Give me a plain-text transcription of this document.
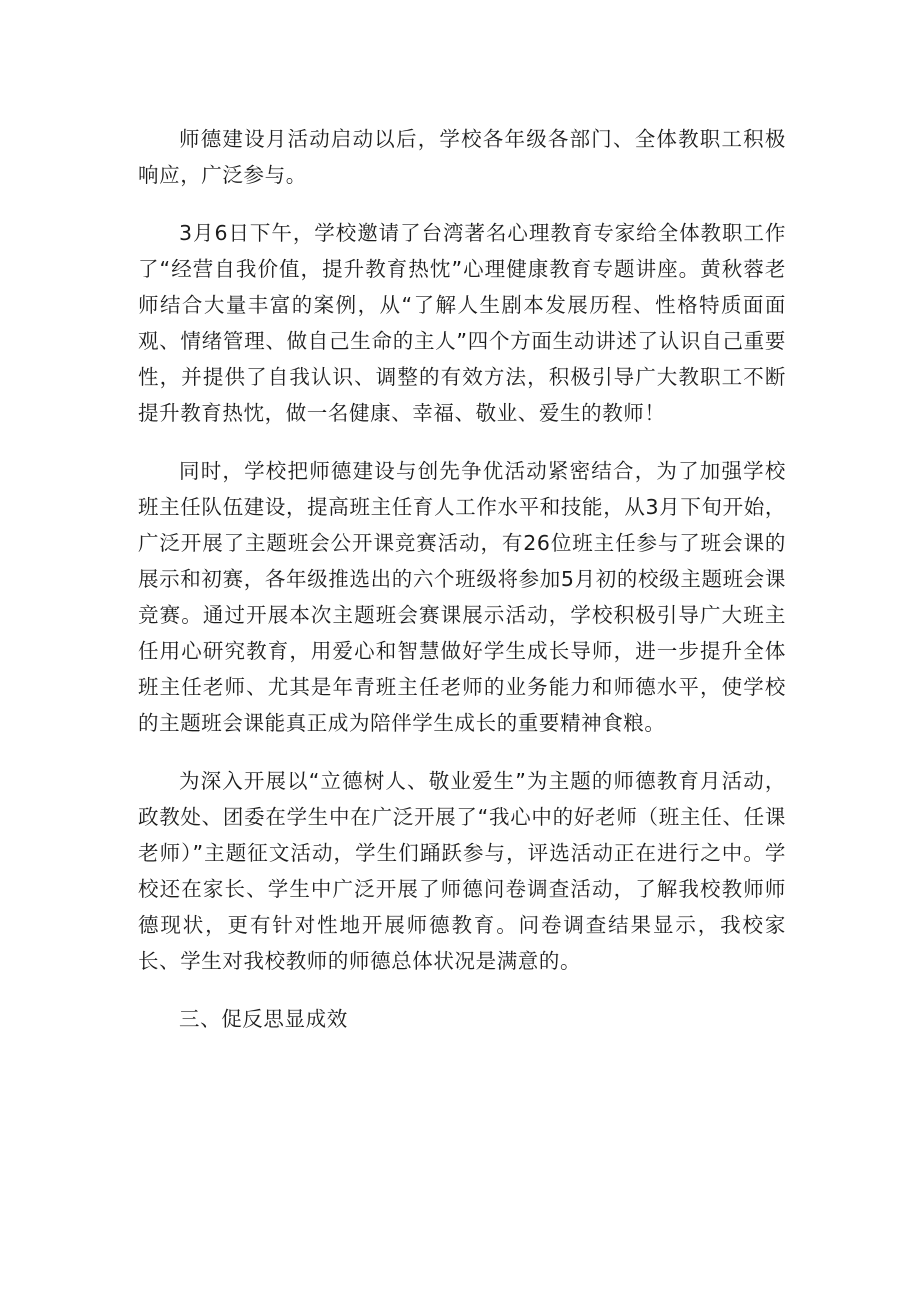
师德建设月活动启动以后，学校各年级各部门、全体教职工积极响应，广泛参与。

3月6日下午，学校邀请了台湾著名心理教育专家给全体教职工作了“经营自我价值，提升教育热忱”心理健康教育专题讲座。黄秋蓉老师结合大量丰富的案例，从“了解人生剧本发展历程、性格特质面面观、情绪管理、做自己生命的主人”四个方面生动讲述了认识自己重要性，并提供了自我认识、调整的有效方法，积极引导广大教职工不断提升教育热忱，做一名健康、幸福、敬业、爱生的教师！

同时，学校把师德建设与创先争优活动紧密结合，为了加强学校班主任队伍建设，提高班主任育人工作水平和技能，从3月下旬开始，广泛开展了主题班会公开课竞赛活动，有26位班主任参与了班会课的展示和初赛，各年级推选出的六个班级将参加5月初的校级主题班会课竞赛。通过开展本次主题班会赛课展示活动，学校积极引导广大班主任用心研究教育，用爱心和智慧做好学生成长导师，进一步提升全体班主任老师、尤其是年青班主任老师的业务能力和师德水平，使学校的主题班会课能真正成为陪伴学生成长的重要精神食粮。

为深入开展以“立德树人、敬业爱生”为主题的师德教育月活动，政教处、团委在学生中在广泛开展了“我心中的好老师（班主任、任课老师）”主题征文活动，学生们踊跃参与，评选活动正在进行之中。学校还在家长、学生中广泛开展了师德问卷调查活动，了解我校教师师德现状，更有针对性地开展师德教育。问卷调查结果显示，我校家长、学生对我校教师的师德总体状况是满意的。

三、促反思显成效
